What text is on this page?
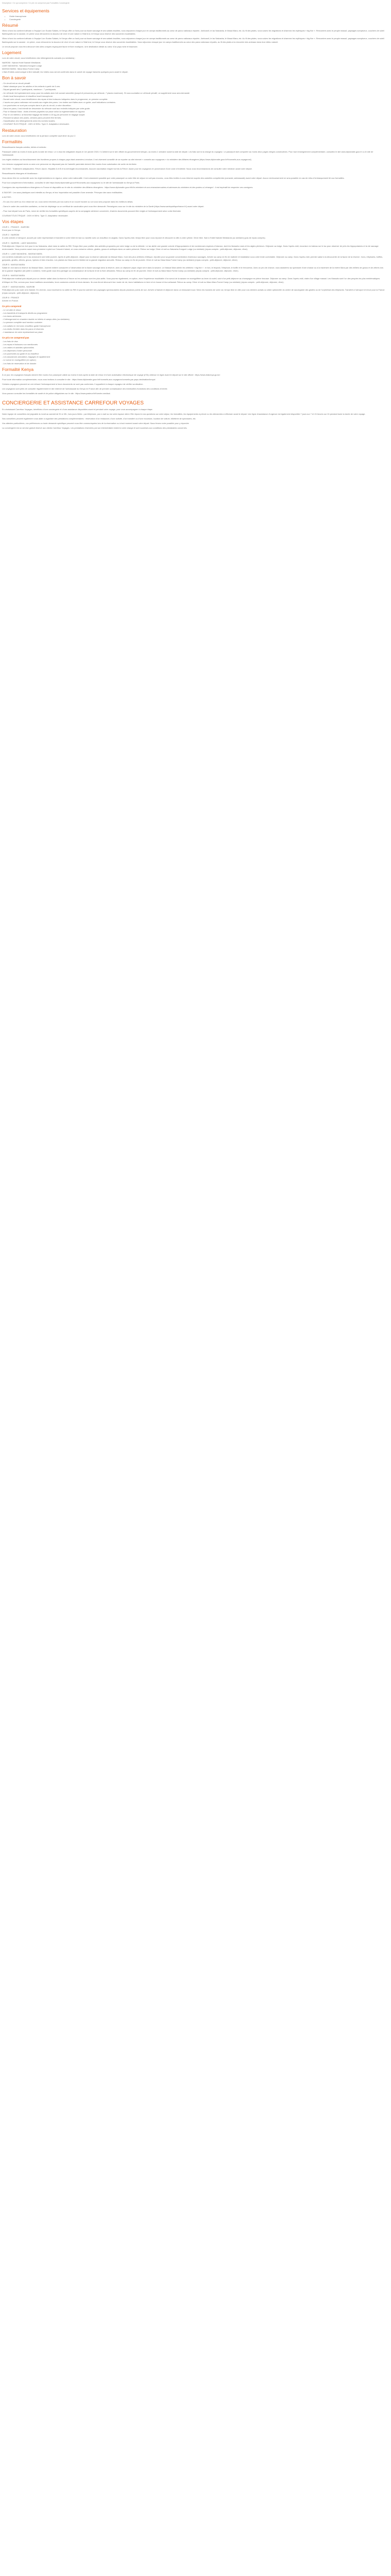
Description / Ce qui comprend / Ce prix ne comprend pas Formalités Conciergerie
Services et équipements
• Guide francophone
• Conciergerie
Résumé

Vibez à fond du continent africain à l’équipe Lion Sudan Safaris, le Kenya offre un fond pour sa faune sauvage et ses safaris insolites, vous séjournez chaque jour en camps traditionnels au cœur de parcs nationaux réputés : Amboseli, le lac Naivasha, le Masai Mara, etc. Au fil des pistes, vous suivez les migrations et observez les mythiques « big five ». Rencontres avec le peuple massaï, paysages somptueux, couchers de soleil flamboyants sur la savane, en prime vous retrouverez la douceur de vivre et une nature à l’état brut, le Kenya vous réserve des souvenirs inoubliables.

Vibez à fond du continent africain à l’équipe Lion Sudan Safaris, le Kenya offre un fond pour sa faune sauvage et ses safaris insolites, vous séjournez chaque jour en camps traditionnels au cœur de parcs nationaux réputés : Amboseli, le lac Naivasha, le Masai Mara, etc. Au fil des pistes, vous suivez les migrations et observez les mythiques « big five ». Rencontres avec le peuple massaï, paysages somptueux, couchers de soleil flamboyants sur la savane : en prime, vous retrouverez la douceur de vivre et une nature à l’état brut, le Kenya vous réserve des souvenirs inoubliables. Vous séjournez chaque jour en camps traditionnels au cœur des parcs nationaux réputés, au fil des pistes à la rencontre des animaux dans leur milieu naturel.

Le circuit propose vous fera découvrir des sites uniques regroupant faune et flore exotiques. Une destination idéale au cœur d’un pays riche et fascinant.

Logement

Lors de votre circuit, vous bénéficierez des hébergements suivants (ou similaires) :

NAIROBI : Nairobi Hotel Nairobi Westlands
LAKE NAIVASHA : Naivasha Kongoni Lodge
MASSAÏ MARA : Mara Mara Forest Camp

L’état d’hôtels communiqué à titre indicatif, les hôtels vous seront confirmés dans le carnet de voyage transmis quelques jours avant le départ.

Bon à savoir
- Ce circuit est un circuit privatif.
- Safari classique pour les adultes et les enfants à partir de 6 ans.
- Départ garanti dès 2 participants, maximum : 7 participants.
- Un véhicule 4x4 spécialement conçu pour les safaris avec toit ouvrant amovible (jusqu’à 6 personnes par véhicule, 7 places maximum). Si vous souhaitez un véhicule privatif, un supplément vous sera demandé.
- Guide local francophone et chauffeur local francophone.
- Durant votre circuit, vous bénéficierez des repas et des boissons indiquées dans le programme, en pension complète.
- L’accès aux parcs nationaux est soumis aux règles des parcs. Les visites sont faites avec un guide, sauf indications contraires.
- Les pourboires ne sont pas compris dans le prix du circuit, à votre discrétion.
- Dans les parcs, il est interdit de descendre du véhicule sauf aux endroits indiqués par votre guide.
- Pour le Massaï Mara : droits d’entrée payables sur place selon la réglementation en vigueur.
- Pour le vol intérieur, la franchise bagage est limitée à 15 kg par personne en bagage souple.
- Pendant la saison des pluies, certains parcs peuvent être fermés.
- Classification des hébergements selon les normes locales.
- COURANT ÉLECTRIQUE : 240V et 50Hz. Type G. Adaptateur nécessaire.
Restauration

Lors de votre circuit, vous bénéficierez de la pension complète sauf dîner du jour 2.

Formalités

Ressortissants français adultes, bébés et enfants :

Passeport valide au moins 6 mois après la date de retour. Le e-visa est obligatoire depuis le 1er janvier 2024. Il s’obtient sur le site officiel du gouvernement kényan, au moins 1 semaine avant la date de départ. Les frais sont à la charge du voyageur. Le passeport doit comporter au moins deux pages vierges consécutives. Pour tout renseignement complémentaire, consultez le site www.diplomatie.gouv.fr ou le site de l’ambassade.

Les règles relatives au franchissement des frontières propres à chaque pays étant amenées à évoluer, il est vivement conseillé de se reporter au site internet « conseils aux voyageurs » du ministère des Affaires étrangères (https://www.diplomatie.gouv.fr/fr/conseils-aux-voyageurs/).

Les mineurs voyageant seuls ou avec une personne ne disposant pas de l’autorité parentale doivent être munis d’une autorisation de sortie du territoire.

VACCINS : Traitement antipaludéen. Fièvre Jaune, Hépatite A et B et la méningite recommandés. Aucune vaccination exigée hormis la Fièvre Jaune pour les voyageurs en provenance d’une zone d’endémie. Nous vous recommandons de consulter votre médecin avant votre départ.

Ressortissants étrangers et binationaux :

Vous devez être en conformité avec les réglementations en vigueur, selon votre nationalité. Il est notamment possible que votre passeport ou votre titre de séjour ne soit pas reconnu, vous êtes invités à vous informer auprès des autorités compétentes (consulat, ambassade) avant votre départ. Aucun remboursement ne sera possible en cas de refus d’embarquement lié aux formalités.

Pour tout complément d’information, consultez le site https://www.diplomatie.gouv.fr/fr/conseils-aux-voyageurs/ ou le site de l’ambassade du Kenya à Paris.

Consignes des représentations étrangères en France et dispositifs sur le site du ministère des Affaires étrangères : https://www.diplomatie.gouv.fr/fr/le-ministere-et-son-reseau/annuaires-et-adresses-du-ministere-et-des-postes-a-l-etranger/ : il est impératif de respecter ces consignes.

A SAVOIR : Les sacs plastiques sont interdits au Kenya, et leur importation est passible d’une amende. Prévoyez des sacs réutilisables.

A NOTER :

- En cas d’un arrêt ou d’un retard de vol, vous serez informés par nos soins et un nouvel horaire ou vol vous sera proposé dans les meilleurs délais.

- Dans le cadre des contrôles sanitaires, un test de dépistage ou un certificat de vaccination peut vous être demandé. Renseignez-vous sur le site du ministère de la Santé (https://www.santepubliquefrance.fr/) avant votre départ.

- Pour tout départ hors de Paris, merci de vérifier les formalités spécifiques auprès de la compagnie aérienne concernée, d’autres documents pouvant être exigés à l’embarquement selon votre itinéraire.

COURANT ÉLECTRIQUE : 240V et 50Hz. Type G. Adaptateur nécessaire.

Vos étapes
JOUR 1 : FRANCE - NAIROBI
Envol pour le Kenya.
JOUR 2 : NAIROBI

À votre arrivée à l’aéroport, accueil par votre représentant et transfert à votre hôtel en taxi ou navette avec un chauffeur en anglais. Dans l’après-midi, temps libre pour vous reposer et découvrir la ville à votre rythme. Dîner libre. Nuit à l’hôtel Nairobi Westlands (ou similaire) (pas de repas compris).

JOUR 3 : NAIROBI - LAKE NAIVASHA

Petit-déjeuner. Départ en 4x4 pour le lac Naivasha, situé dans la vallée du Rift. Temps libre pour profiter des activités proposées par votre lodge ou de la détente. Le lac abrite une grande colonie d’hippopotames et de nombreuses espèces d’oiseaux, dont les flamants roses et les aigles pêcheurs. Déjeuner au lodge. Dans l’après-midi, excursion en bateau sur le lac pour observer de près les hippopotames et la vie sauvage environnante. Vous pourrez aussi vous promener à pied sur Crescent Island, où vous croiserez zèbres, girafes, gnous et antilopes dans un cadre préservé. Retour au lodge. Dîner et nuit au Naivasha Kongoni Lodge (ou similaire) (repas compris : petit-déjeuner, déjeuner, dîner).

JOUR 4 : LAKE NAIVASHA - MASSAÏ MARA

Les lumières matinales sur le lac annoncent une belle journée. Après le petit-déjeuner, départ pour la réserve nationale du Massaï Mara, l’une des plus célèbres d’Afrique, réputée pour sa grande concentration d’animaux sauvages. Arrivée au camp en fin de matinée et installation sous votre tente confortable. Déjeuner au camp. Dans l’après-midi, premier safari à la découverte de la faune de la réserve : lions, éléphants, buffles, guépards, girafes, zèbres, gnous, hyènes et bien d’autres. Les plaines du Mara sont le théâtre de la grande migration annuelle. Retour au camp en fin de journée. Dîner et nuit au Mara Mara Forest Camp (ou similaire) (repas compris : petit-déjeuner, déjeuner, dîner).

JOUR 5 : MASSAÏ MARA

Safari en 4x4 dans la réserve du Massaï Mara. Journée entière consacrée à l’observation de la faune sauvage dans la réserve, avec un déjeuner pique-nique servi dans la savane. Le Massaï Mara abrite les célèbres « big five » : le lion, le léopard, l’éléphant, le buffle et le rhinocéros. Avec un peu de chance, vous assisterez au spectacle d’une chasse ou à la traversée de la rivière Mara par des milliers de gnous et de zèbres lors de la grande migration (de juillet à octobre). Votre guide vous fera partager sa connaissance de la faune et de la flore africaines. Retour au camp en fin de journée. Dîner et nuit au Mara Mara Forest Camp (ou similaire) (repas compris : petit-déjeuner, déjeuner, dîner).

JOUR 6 : MASSAÏ MARA

Petit-déjeuner matinal puis départ pour un dernier safari dans la réserve à l’heure où les animaux sont les plus actifs. Vous pourrez également, en option, vivre l’expérience inoubliable d’un survol de la savane en montgolfière au lever du soleil, suivi d’un petit-déjeuner au champagne en pleine brousse. Déjeuner au camp. Dans l’après-midi, visite d’un village massaï. Les Massaïs sont l’un des peuples les plus emblématiques d’Afrique de l’Est, connus pour leurs traditions ancestrales, leurs costumes colorés et leurs danses. Ils vous feront découvrir leur mode de vie, leurs habitations en terre et en bouse et leur artisanat. Retour au camp. Dîner et nuit au Mara Mara Forest Camp (ou similaire) (repas compris : petit-déjeuner, déjeuner, dîner).

JOUR 7 : MASSAÏ MARA - NAIROBI

Petit-déjeuner puis route vers Nairobi. En chemin, vous traverserez la vallée du Rift et pourrez admirer ses paysages spectaculaires depuis plusieurs points de vue. Arrivée à Nairobi et déjeuner dans un restaurant local. Selon les horaires de votre vol, temps libre en ville pour vos derniers achats ou visite optionnelle du centre de sauvegarde des girafes ou de l’orphelinat des éléphants. Transfert à l’aéroport et envol pour la France (repas compris : petit-déjeuner, déjeuner).

JOUR 8 : FRANCE

Arrivée en France.

Ce prix comprend
- Le vol aller et retour
- Les transferts et transports décrits au programme
- Les taxes aériennes
- L’hébergement en chambre double en hôtels et camps cités (ou similaires)
- La pension complète sauf mention contraire
- Les safaris en 4x4 avec chauffeur-guide francophone
- Les droits d’entrée dans les parcs et réserves
- L’assistance de notre représentant sur place
Ce prix ne comprend pas
- Les frais de visa
- Les repas et boissons non mentionnés
- Les visites et activités optionnelles
- Les dépenses d’ordre personnel
- Les pourboires au guide et au chauffeur
- Les assurances annulation, bagages et rapatriement
- Le survol en montgolfière (en option)
- Les frais de réservation et de dossier
Formalité Kenya

À ce jour, les voyageurs français doivent être munis d’un passeport valide au moins 6 mois après la date de retour et d’une autorisation électronique de voyage (eTA) obtenue en ligne avant le départ sur le site officiel : https://www.etakenya.go.ke/.

Pour toute information complémentaire, nous vous invitons à consulter le site : https://www.diplomatie.gouv.fr/fr/conseils-aux-voyageurs/conseils-par-pays-destination/kenya/.

Certains voyageurs peuvent se voir refuser l’embarquement si leurs documents ne sont pas conformes. Il appartient à chaque voyageur de vérifier sa situation.

Les voyageurs sont priés de consulter régulièrement le site internet de l’ambassade du Kenya en France afin de prendre connaissance des éventuelles évolutions des conditions d’entrée.

Vous pouvez consulter les formalités de santé et de police obligatoires sur le site : https://www.pasteur.fr/fr/centre-medical.

CONCIERGERIE ET ASSISTANCE CARREFOUR VOYAGES

En choisissant Carrefour Voyages, bénéficiez d’une conciergerie et d’une assistance disponibles avant et pendant votre voyage, pour vous accompagner à chaque étape.

Notre équipe de conseillers est joignable du lundi au samedi de 9h à 19h, hors jours fériés : par téléphone, par e-mail ou via votre espace client. Elle répond à vos questions sur votre séjour, les formalités, les équipements à prévoir ou les démarches à effectuer avant le départ. Une ligne d’assistance d’urgence est également disponible 7 jours sur 7 et 24 heures sur 24 pendant toute la durée de votre voyage.

Nos conseillers peuvent également vous aider à organiser des prestations complémentaires : réservation d’un restaurant, d’une activité, d’un transfert ou d’une excursion, location de voiture, billetterie de spectacles, etc.

Vos attentes particulières, vos préférences ou toute demande spécifique peuvent nous être communiquées lors de la réservation ou à tout moment avant votre départ. Nous ferons notre possible pour y répondre.

La conciergerie est un service gratuit réservé aux clients Carrefour Voyages. Les prestations réservées par son intermédiaire restent à votre charge et sont soumises aux conditions des prestataires concernés.
